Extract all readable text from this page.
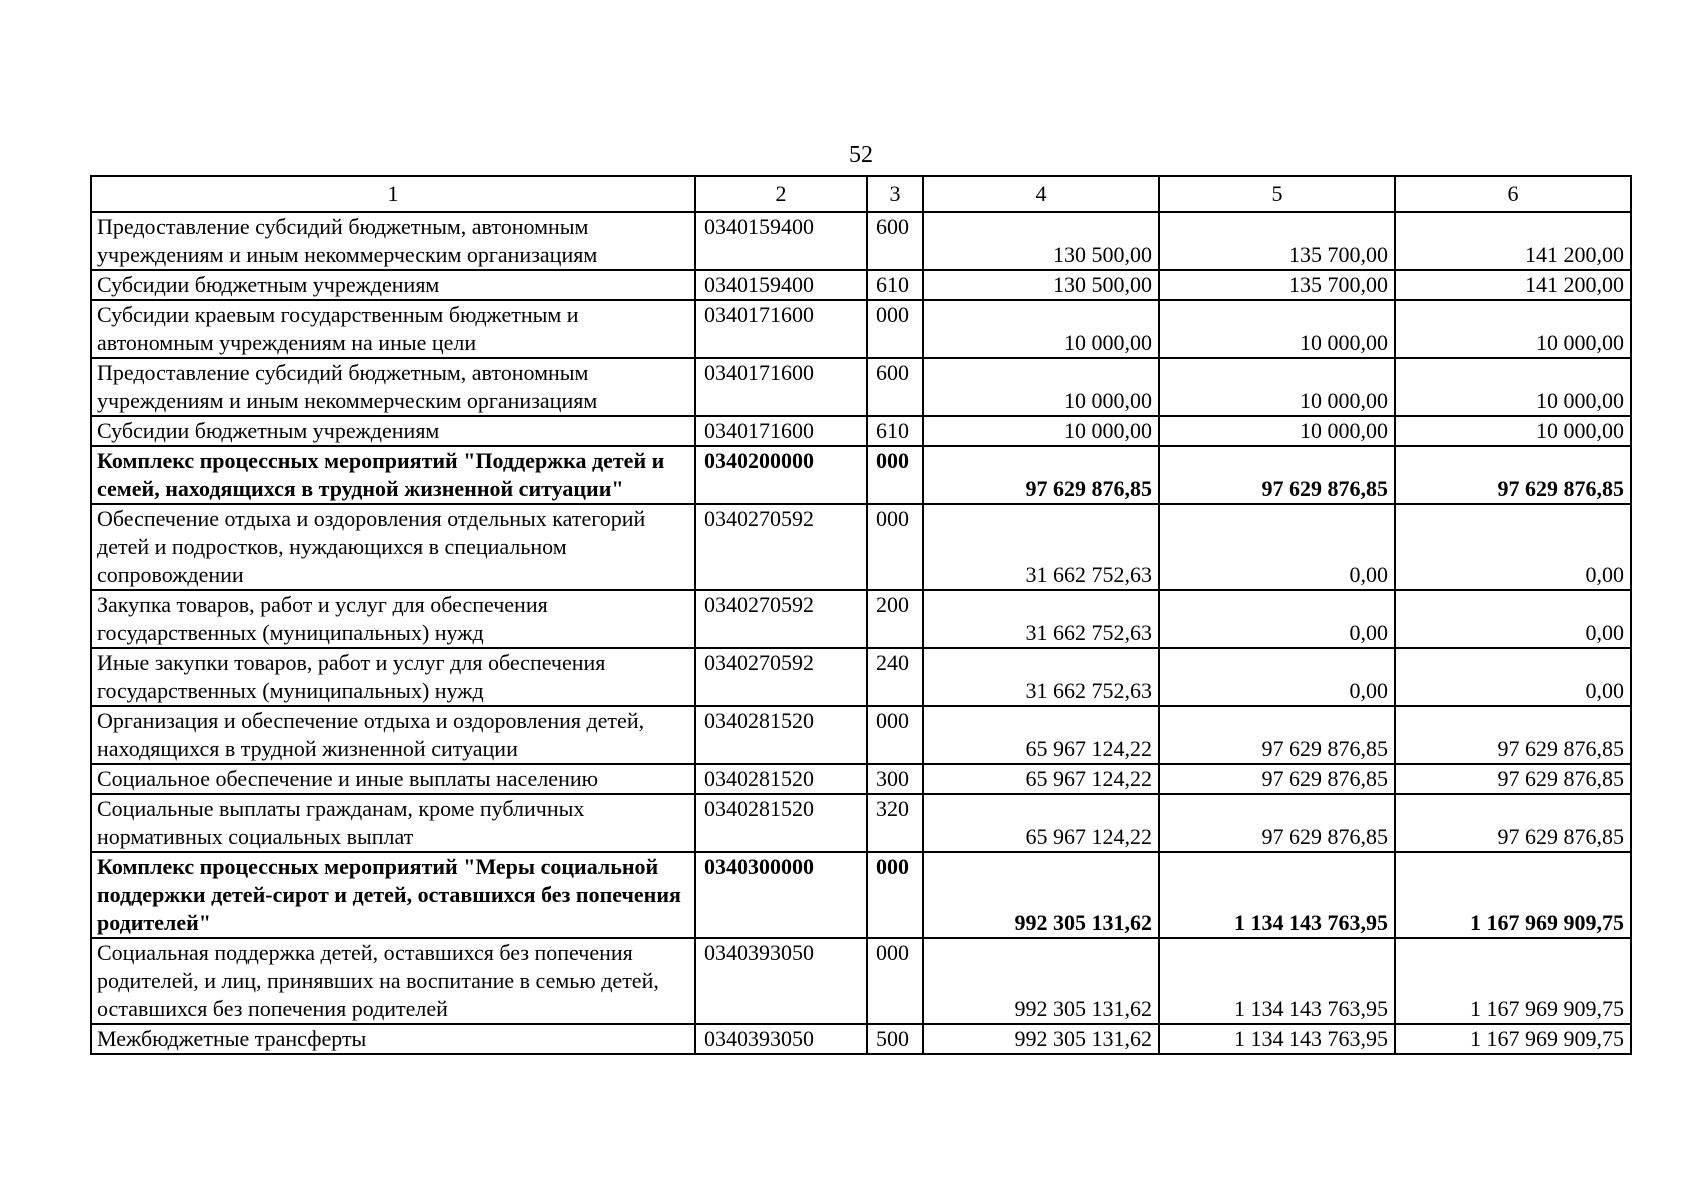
52
1	2	3	4	5	6
Предоставление субсидий бюджетным, автономным учреждениям и иным некоммерческим организациям	0340159400	600	130 500,00	135 700,00	141 200,00
Субсидии бюджетным учреждениям	0340159400	610	130 500,00	135 700,00	141 200,00
Субсидии краевым государственным бюджетным и автономным учреждениям на иные цели	0340171600	000	10 000,00	10 000,00	10 000,00
Предоставление субсидий бюджетным, автономным учреждениям и иным некоммерческим организациям	0340171600	600	10 000,00	10 000,00	10 000,00
Субсидии бюджетным учреждениям	0340171600	610	10 000,00	10 000,00	10 000,00
Комплекс процессных мероприятий "Поддержка детей и семей, находящихся в трудной жизненной ситуации"	0340200000	000	97 629 876,85	97 629 876,85	97 629 876,85
Обеспечение отдыха и оздоровления отдельных категорий детей и подростков, нуждающихся в специальном сопровождении	0340270592	000	31 662 752,63	0,00	0,00
Закупка товаров, работ и услуг для обеспечения государственных (муниципальных) нужд	0340270592	200	31 662 752,63	0,00	0,00
Иные закупки товаров, работ и услуг для обеспечения государственных (муниципальных) нужд	0340270592	240	31 662 752,63	0,00	0,00
Организация и обеспечение отдыха и оздоровления детей, находящихся в трудной жизненной ситуации	0340281520	000	65 967 124,22	97 629 876,85	97 629 876,85
Социальное обеспечение и иные выплаты населению	0340281520	300	65 967 124,22	97 629 876,85	97 629 876,85
Социальные выплаты гражданам, кроме публичных нормативных социальных выплат	0340281520	320	65 967 124,22	97 629 876,85	97 629 876,85
Комплекс процессных мероприятий "Меры социальной поддержки детей-сирот и детей, оставшихся без попечения родителей"	0340300000	000	992 305 131,62	1 134 143 763,95	1 167 969 909,75
Социальная поддержка детей, оставшихся без попечения родителей, и лиц, принявших на воспитание в семью детей, оставшихся без попечения родителей	0340393050	000	992 305 131,62	1 134 143 763,95	1 167 969 909,75
Межбюджетные трансферты	0340393050	500	992 305 131,62	1 134 143 763,95	1 167 969 909,75
